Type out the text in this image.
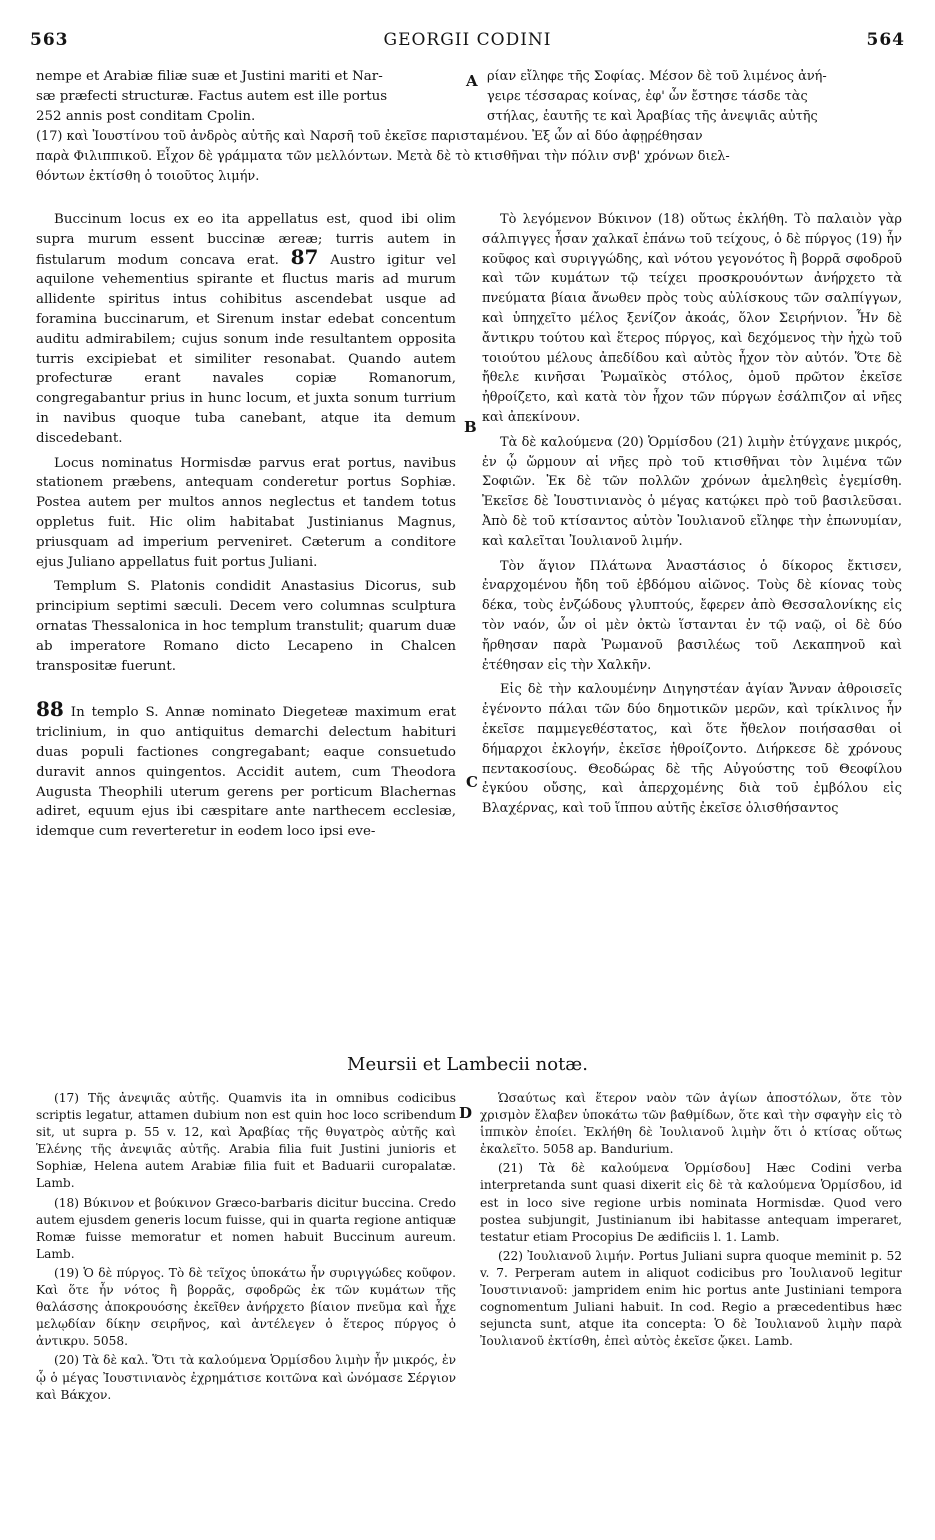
563	GEORGII CODINI	564
nempe et Arabiæ filiæ suæ et Justini mariti et Nar-
sæ præfecti structuræ. Factus autem est ille portus
252 annis post conditam Cpolin.
ρίαν εἴληφε τῆς Σοφίας. Μέσον δὲ τοῦ λιμένος ἀνή-
γειρε τέσσαρας κοίνας, ἐφ' ὧν ἔστησε τάσδε τὰς
στήλας, ἑαυτῆς τε καὶ Ἀραβίας τῆς ἀνεψιᾶς αὐτῆς
(17) καὶ Ἰουστίνου τοῦ ἀνδρὸς αὐτῆς καὶ Ναρσῆ τοῦ ἐκεῖσε παρισταμένου. Ἐξ ὧν αἱ δύο ἀφῃρέθησαν
παρὰ Φιλιππικοῦ. Εἶχον δὲ γράμματα τῶν μελλόντων. Μετὰ δὲ τὸ κτισθῆναι τὴν πόλιν σνβ' χρόνων διελ-
θόντων ἐκτίσθη ὁ τοιοῦτος λιμήν.

Buccinum locus ex eo ita appellatus est, quod ibi olim supra murum essent buccinæ æreæ; turris autem in fistularum modum concava erat. 87 Austro igitur vel aquilone vehementius spirante et fluctus maris ad murum allidente spiritus intus cohibitus ascendebat usque ad foramina buccinarum, et Sirenum instar edebat concentum auditu admirabilem; cujus sonum inde resultantem opposita turris excipiebat et similiter resonabat. Quando autem profecturæ erant navales copiæ Romanorum, congregabantur prius in hunc locum, et juxta sonum turrium in navibus quoque tuba canebant, atque ita demum discedebant.

Locus nominatus Hormisdæ parvus erat portus, navibus stationem præbens, antequam conderetur portus Sophiæ. Postea autem per multos annos neglectus et tandem totus oppletus fuit. Hic olim habitabat Justinianus Magnus, priusquam ad imperium perveniret. Cæterum a conditore ejus Juliano appellatus fuit portus Juliani.

Templum S. Platonis condidit Anastasius Dicorus, sub principium septimi sæculi. Decem vero columnas sculptura ornatas Thessalonica in hoc templum transtulit; quarum duæ ab imperatore Romano dicto Lecapeno in Chalcen transpositæ fuerunt.

88 In templo S. Annæ nominato Diegeteæ maximum erat triclinium, in quo antiquitus demarchi delectum habituri duas populi factiones congregabant; eaque consuetudo duravit annos quingentos. Accidit autem, cum Theodora Augusta Theophili uterum gerens per porticum Blachernas adiret, equum ejus ibi cæspitare ante narthecem ecclesiæ, idemque cum reverteretur in eodem loco ipsi eve-

Τὸ λεγόμενον Βύκινον (18) οὕτως ἐκλήθη. Τὸ παλαιὸν γὰρ σάλπιγγες ἦσαν χαλκαῖ ἐπάνω τοῦ τείχους, ὁ δὲ πύργος (19) ἦν κοῦφος καὶ συριγγώδης, καὶ νότου γεγονότος ἢ βορρᾶ σφοδροῦ καὶ τῶν κυμάτων τῷ τείχει προσκρουόντων ἀνήρχετο τὰ πνεύματα βίαια ἄνωθεν πρὸς τοὺς αὐλίσκους τῶν σαλπίγγων, καὶ ὑπηχεῖτο μέλος ξενίζον ἀκοάς, ὅλον Σειρήνιον. Ἦν δὲ ἄντικρυ τούτου καὶ ἕτερος πύργος, καὶ δεχόμενος τὴν ἠχὼ τοῦ τοιούτου μέλους ἀπεδίδου καὶ αὐτὸς ἦχον τὸν αὐτόν. Ὅτε δὲ ἤθελε κινῆσαι Ῥωμαϊκὸς στόλος, ὁμοῦ πρῶτον ἐκεῖσε ἠθροίζετο, καὶ κατὰ τὸν ἦχον τῶν πύργων ἐσάλπιζον αἱ νῆες καὶ ἀπεκίνουν.

Τὰ δὲ καλούμενα (20) Ὁρμίσδου (21) λιμὴν ἐτύγχανε μικρός, ἐν ᾧ ὥρμουν αἱ νῆες πρὸ τοῦ κτισθῆναι τὸν λιμένα τῶν Σοφιῶν. Ἐκ δὲ τῶν πολλῶν χρόνων ἀμεληθεὶς ἐγεμίσθη. Ἐκεῖσε δὲ Ἰουστινιανὸς ὁ μέγας κατῴκει πρὸ τοῦ βασιλεῦσαι. Ἀπὸ δὲ τοῦ κτίσαντος αὐτὸν Ἰουλιανοῦ εἴληφε τὴν ἐπωνυμίαν, καὶ καλεῖται Ἰουλιανοῦ λιμήν.

Τὸν ἅγιον Πλάτωνα Ἀναστάσιος ὁ δίκορος ἔκτισεν, ἐναρχομένου ἤδη τοῦ ἑβδόμου αἰῶνος. Τοὺς δὲ κίονας τοὺς δέκα, τοὺς ἐνζώδους γλυπτούς, ἔφερεν ἀπὸ Θεσσαλονίκης εἰς τὸν ναόν, ὧν οἱ μὲν ὀκτὼ ἵστανται ἐν τῷ ναῷ, οἱ δὲ δύο ἤρθησαν παρὰ Ῥωμανοῦ βασιλέως τοῦ Λεκαπηνοῦ καὶ ἐτέθησαν εἰς τὴν Χαλκῆν.

Εἰς δὲ τὴν καλουμένην Διηγηστέαν ἁγίαν Ἄνναν ἀθροισεῖς ἐγένοντο πάλαι τῶν δύο δημοτικῶν μερῶν, καὶ τρίκλινος ἦν ἐκεῖσε παμμεγεθέστατος, καὶ ὅτε ἤθελον ποιήσασθαι οἱ δήμαρχοι ἐκλογήν, ἐκεῖσε ἠθροίζοντο. Διήρκεσε δὲ χρόνους πεντακοσίους. Θεοδώρας δὲ τῆς Αὐγούστης τοῦ Θεοφίλου ἐγκύου οὔσης, καὶ ἀπερχομένης διὰ τοῦ ἐμβόλου εἰς Βλαχέρνας, καὶ τοῦ ἵππου αὐτῆς ἐκεῖσε ὀλισθήσαντος

A
B
C
D
Meursii et Lambecii notæ.

(17) Τῆς ἀνεψιᾶς αὐτῆς. Quamvis ita in omnibus codicibus scriptis legatur, attamen dubium non est quin hoc loco scribendum sit, ut supra p. 55 v. 12, καὶ Ἀραβίας τῆς θυγατρὸς αὐτῆς καὶ Ἑλένης τῆς ἀνεψιᾶς αὐτῆς. Arabia filia fuit Justini junioris et Sophiæ, Helena autem Arabiæ filia fuit et Baduarii curopalatæ. Lamb.

(18) Βύκινον et βούκινον Græco-barbaris dicitur buccina. Credo autem ejusdem generis locum fuisse, qui in quarta regione antiquæ Romæ fuisse memoratur et nomen habuit Buccinum aureum. Lamb.

(19) Ὁ δὲ πύργος. Τὸ δὲ τεῖχος ὑποκάτω ἦν συριγγώδες κοῦφον. Καὶ ὅτε ἦν νότος ἢ βορρᾶς, σφοδρῶς ἐκ τῶν κυμάτων τῆς θαλάσσης ἀποκρουόσης ἐκεῖθεν ἀνήρχετο βίαιον πνεῦμα καὶ ἦχε μελῳδίαν δίκην σειρῆνος, καὶ ἀντέλεγεν ὁ ἕτερος πύργος ὁ ἀντικρυ. 5058.

(20) Τὰ δὲ καλ. Ὅτι τὰ καλούμενα Ὁρμίσδου λιμὴν ἦν μικρός, ἐν ᾧ ὁ μέγας Ἰουστινιανὸς ἐχρημάτισε κοιτῶνα καὶ ὠνόμασε Σέργιον καὶ Βάκχον.

Ὡσαύτως καὶ ἕτερον ναὸν τῶν ἁγίων ἀποστόλων, ὅτε τὸν χρισμὸν ἔλαβεν ὑποκάτω τῶν βαθμίδων, ὅτε καὶ τὴν σφαγὴν εἰς τὸ ἱππικὸν ἐποίει. Ἐκλήθη δὲ Ἰουλιανοῦ λιμὴν ὅτι ὁ κτίσας οὕτως ἐκαλεῖτο. 5058 ap. Bandurium.

(21) Τὰ δὲ καλούμενα Ὁρμίσδου] Hæc Codini verba interpretanda sunt quasi dixerit εἰς δὲ τὰ καλούμενα Ὁρμίσδου, id est in loco sive regione urbis nominata Hormisdæ. Quod vero postea subjungit, Justinianum ibi habitasse antequam imperaret, testatur etiam Procopius De ædificiis l. 1. Lamb.

(22) Ἰουλιανοῦ λιμήν. Portus Juliani supra quoque meminit p. 52 v. 7. Perperam autem in aliquot codicibus pro Ἰουλιανοῦ legitur Ἰουστινιανοῦ: jampridem enim hic portus ante Justiniani tempora cognomentum Juliani habuit. In cod. Regio a præcedentibus hæc sejuncta sunt, atque ita concepta: Ὁ δὲ Ἰουλιανοῦ λιμὴν παρὰ Ἰουλιανοῦ ἐκτίσθη, ἐπεὶ αὐτὸς ἐκεῖσε ᾤκει. Lamb.
